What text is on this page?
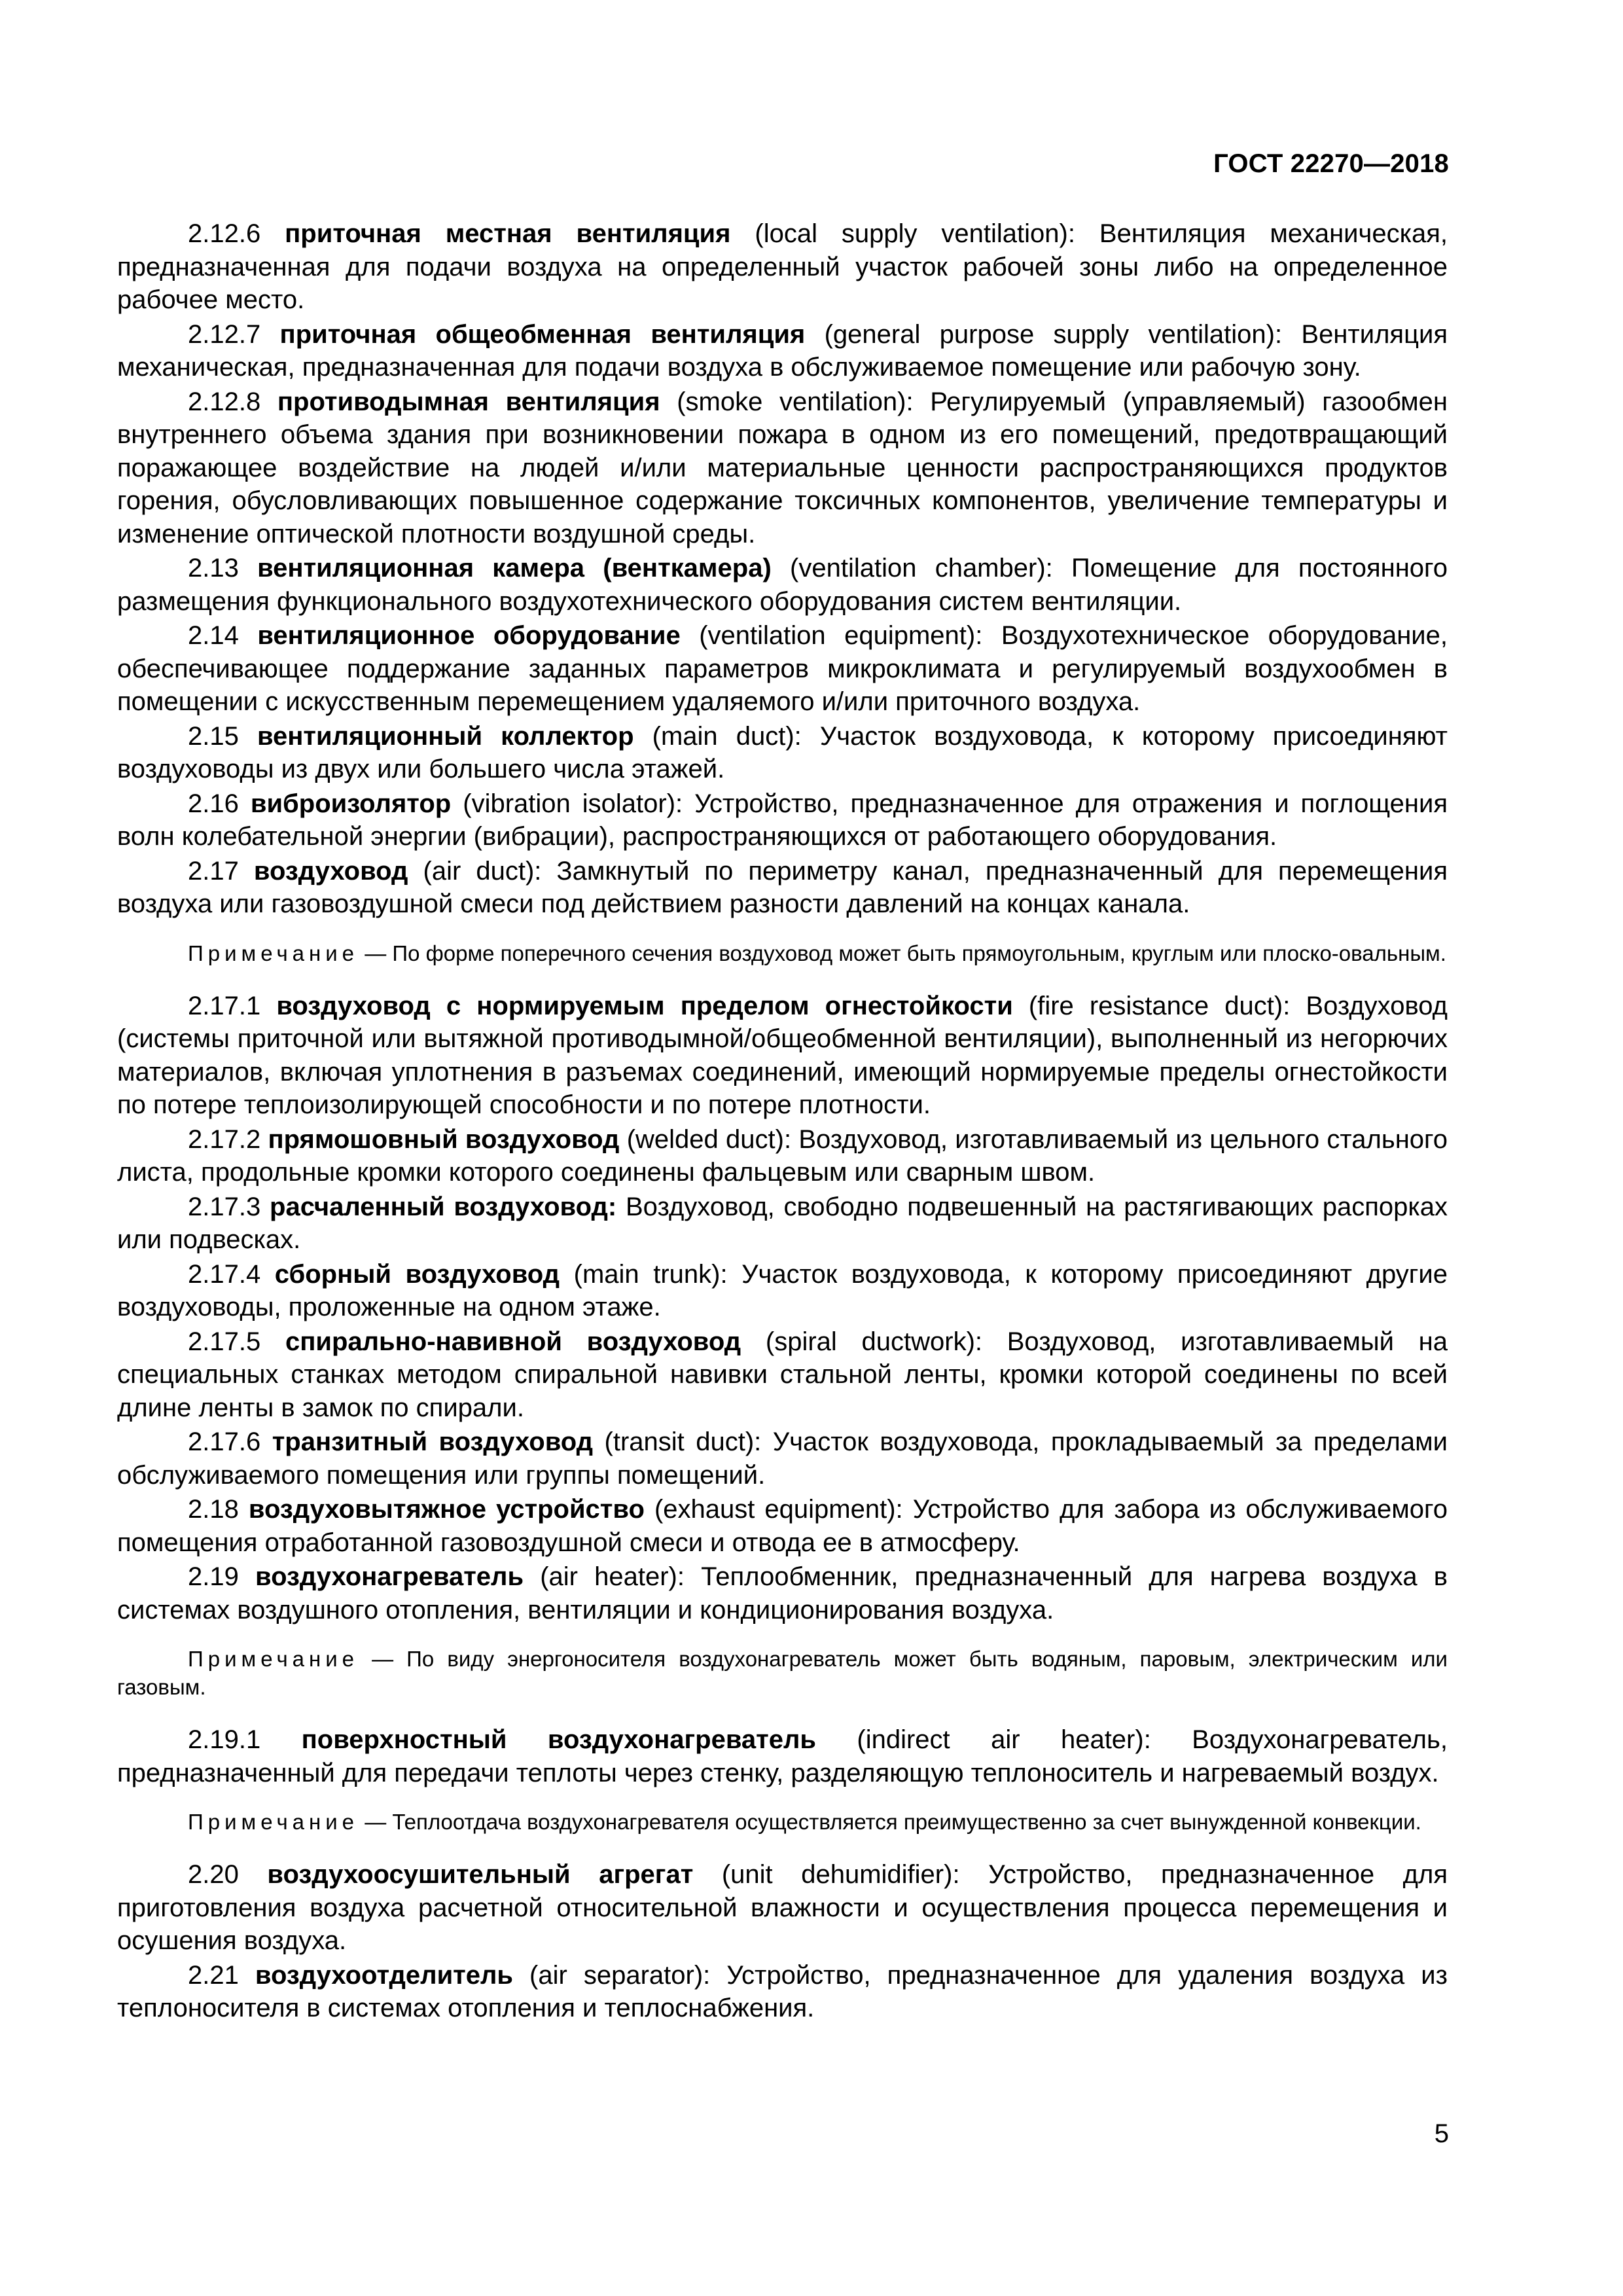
ГОСТ 22270—2018

2.12.6 приточная местная вентиляция (local supply ventilation): Вентиляция механическая, предназначенная для подачи воздуха на определенный участок рабочей зоны либо на определенное рабочее место.

2.12.7 приточная общеобменная вентиляция (general purpose supply ventilation): Вентиляция механическая, предназначенная для подачи воздуха в обслуживаемое помещение или рабочую зону.

2.12.8 противодымная вентиляция (smoke ventilation): Регулируемый (управляемый) газообмен внутреннего объема здания при возникновении пожара в одном из его помещений, предотвращающий поражающее воздействие на людей и/или материальные ценности распространяющихся продуктов горения, обусловливающих повышенное содержание токсичных компонентов, увеличение температуры и изменение оптической плотности воздушной среды.

2.13 вентиляционная камера (венткамера) (ventilation chamber): Помещение для постоянного размещения функционального воздухотехнического оборудования систем вентиляции.

2.14 вентиляционное оборудование (ventilation equipment): Воздухотехническое оборудование, обеспечивающее поддержание заданных параметров микроклимата и регулируемый воздухообмен в помещении с искусственным перемещением удаляемого и/или приточного воздуха.

2.15 вентиляционный коллектор (main duct): Участок воздуховода, к которому присоединяют воздуховоды из двух или большего числа этажей.

2.16 виброизолятор (vibration isolator): Устройство, предназначенное для отражения и поглощения волн колебательной энергии (вибрации), распространяющихся от работающего оборудования.

2.17 воздуховод (air duct): Замкнутый по периметру канал, предназначенный для перемещения воздуха или газовоздушной смеси под действием разности давлений на концах канала.

Примечание — По форме поперечного сечения воздуховод может быть прямоугольным, круглым или плоско-овальным.

2.17.1 воздуховод с нормируемым пределом огнестойкости (fire resistance duct): Воздуховод (системы приточной или вытяжной противодымной/общеобменной вентиляции), выполненный из негорючих материалов, включая уплотнения в разъемах соединений, имеющий нормируемые пределы огнестойкости по потере теплоизолирующей способности и по потере плотности.

2.17.2 прямошовный воздуховод (welded duct): Воздуховод, изготавливаемый из цельного стального листа, продольные кромки которого соединены фальцевым или сварным швом.

2.17.3 расчаленный воздуховод: Воздуховод, свободно подвешенный на растягивающих распорках или подвесках.

2.17.4 сборный воздуховод (main trunk): Участок воздуховода, к которому присоединяют другие воздуховоды, проложенные на одном этаже.

2.17.5 спирально-навивной воздуховод (spiral ductwork): Воздуховод, изготавливаемый на специальных станках методом спиральной навивки стальной ленты, кромки которой соединены по всей длине ленты в замок по спирали.

2.17.6 транзитный воздуховод (transit duct): Участок воздуховода, прокладываемый за пределами обслуживаемого помещения или группы помещений.

2.18 воздуховытяжное устройство (exhaust equipment): Устройство для забора из обслуживаемого помещения отработанной газовоздушной смеси и отвода ее в атмосферу.

2.19 воздухонагреватель (air heater): Теплообменник, предназначенный для нагрева воздуха в системах воздушного отопления, вентиляции и кондиционирования воздуха.

Примечание — По виду энергоносителя воздухонагреватель может быть водяным, паровым, электрическим или газовым.

2.19.1 поверхностный воздухонагреватель (indirect air heater): Воздухонагреватель, предназначенный для передачи теплоты через стенку, разделяющую теплоноситель и нагреваемый воздух.

Примечание — Теплоотдача воздухонагревателя осуществляется преимущественно за счет вынужденной конвекции.

2.20 воздухоосушительный агрегат (unit dehumidifier): Устройство, предназначенное для приготовления воздуха расчетной относительной влажности и осуществления процесса перемещения и осушения воздуха.

2.21 воздухоотделитель (air separator): Устройство, предназначенное для удаления воздуха из теплоносителя в системах отопления и теплоснабжения.

5
